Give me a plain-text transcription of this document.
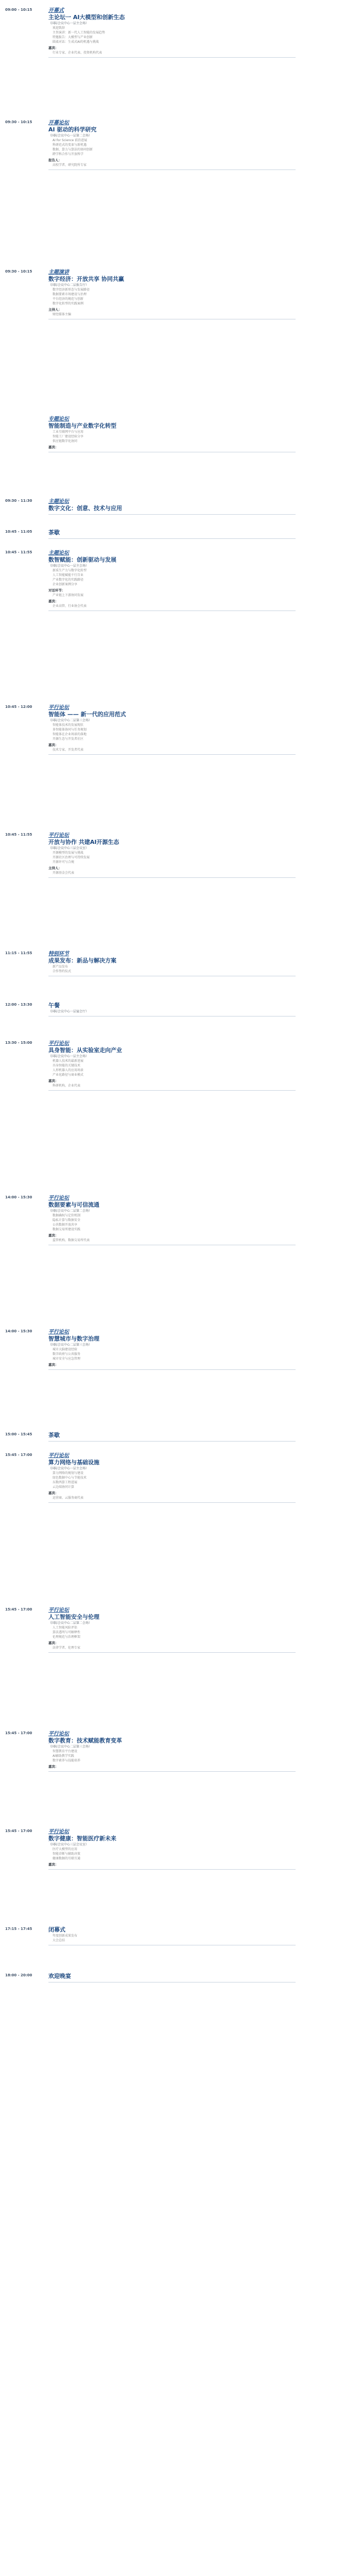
09:00 - 10:15	开幕式
主论坛一 AI大模型和创新生态
（国际会议中心一层主会场）
欢迎致辞
主旨演讲：新一代人工智能的发展趋势
特邀报告：大模型与产业创新
圆桌对话：生成式AI的机遇与挑战
嘉宾：
行业专家、企业代表、投资机构代表
09:30 - 10:15	开幕论坛
AI 驱动的科学研究
（国际会议中心一层第二会场）
AI for Science 前沿进展
科研范式的变革与新机遇
数据、算力与算法的协同创新
跨学科合作与开放科学
报告人：
高校学者、研究院所专家
09:30 - 10:15	主题演讲
数字经济：开放共享 协同共赢
（国际会议中心二层报告厅）
数字经济新形态与发展路径
数据要素市场建设与治理
平台经济的规范与创新
数字化转型的实践案例
主持人：
财经媒体主编
专题论坛
智能制造与产业数字化转型
工业互联网平台与应用
智能工厂建设经验分享
供应链数字化协同
嘉宾：
09:30 - 11:30	主题论坛
数字文化：创意、技术与应用
10:45 - 11:05	茶歇
10:45 - 11:55	主题论坛
数智赋能：创新驱动与发展
（国际会议中心一层主会场）
新质生产力与数字化转型
人工智能赋能千行百业
产业数字化的实践路径
企业创新案例分享
对话环节：
产业链上下游协同发展
嘉宾：
企业高管、行业协会代表
10:45 - 12:00	平行论坛
智能体 —— 新一代的应用范式
（国际会议中心二层第三会场）
智能体技术的发展现状
多智能体协同与任务规划
智能体在企业场景的落地
开源生态与开发者社区
嘉宾：
技术专家、开发者代表
10:45 - 11:55	平行论坛
开放与协作 共建AI开源生态
（国际会议中心三层会议室）
开源模型的发展与挑战
开源社区治理与可持续发展
开源许可与合规
主持人：
开源基金会代表
11:15 - 11:55	特别环节
成果发布：新品与解决方案
新产品发布
合作签约仪式
12:00 - 13:30	午餐
（国际会议中心一层宴会厅）
13:30 - 15:00	平行论坛
具身智能：从实验室走向产业
（国际会议中心一层主会场）
机器人技术的最新进展
具身智能的关键技术
人形机器人的应用场景
产业化路径与商业模式
嘉宾：
科研机构、企业代表
14:00 - 15:30	平行论坛
数据要素与可信流通
（国际会议中心二层第二会场）
数据确权与定价机制
隐私计算与数据安全
公共数据开放共享
数据交易所建设实践
嘉宾：
监管机构、数据交易所代表
14:00 - 15:30	平行论坛
智慧城市与数字治理
（国际会议中心二层第三会场）
城市大脑建设经验
数字政府与公共服务
城市安全与应急管理
嘉宾：
15:00 - 15:45	茶歇
15:45 - 17:00	平行论坛
算力网络与基础设施
（国际会议中心一层主会场）
算力网络的规划与建设
绿色数据中心与节能技术
东数西算工程进展
云边端协同计算
嘉宾：
运营商、云服务商代表
15:45 - 17:00	平行论坛
人工智能安全与伦理
（国际会议中心二层第二会场）
人工智能风险评估
算法透明与可解释性
伦理规范与治理框架
嘉宾：
法律学者、伦理专家
15:45 - 17:00	平行论坛
数字教育：技术赋能教育变革
（国际会议中心二层第三会场）
智慧教育平台建设
AI辅助教学实践
数字素养与技能培养
嘉宾：
15:45 - 17:00	平行论坛
数字健康：智能医疗新未来
（国际会议中心三层会议室）
医疗大模型的应用
智能诊断与辅助决策
健康数据的互联互通
嘉宾：
17:15 - 17:45	闭幕式
年度创新成果发布
大会总结
18:00 - 20:00	欢迎晚宴
